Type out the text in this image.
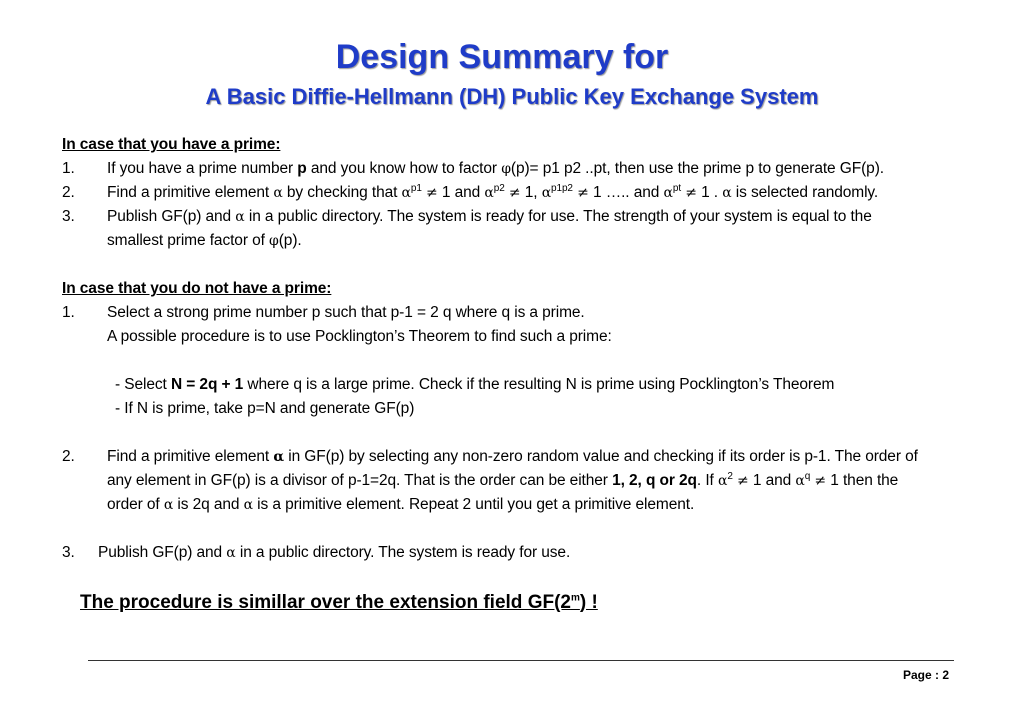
Design Summary for
A Basic Diffie-Hellmann (DH) Public Key Exchange System
In case that you have a prime:
1. If you have a prime number p and you know how to factor φ(p)= p1 p2 ..pt, then use the prime p to generate GF(p).
2. Find a primitive element α by checking that $\alpha^{p1} \ne 1$ and $\alpha^{p2} \ne 1$, $\alpha^{p1p2} \ne 1$ ….. and $\alpha^{pt} \ne 1$ . α is selected randomly.
3. Publish GF(p) and α in a public directory. The system is ready for use. The strength of your system is equal to the
smallest prime factor of φ(p).
In case that you do not have a prime:
1. Select a strong prime number p such that p-1 = 2 q where q is a prime.
A possible procedure is to use Pocklington’s Theorem to find such a prime:
- Select N = 2q + 1 where q is a large prime. Check if the resulting N is prime using Pocklington’s Theorem
- If N is prime, take p=N and generate GF(p)
2. Find a primitive element α in GF(p) by selecting any non-zero random value and checking if its order is p-1. The order of
any element in GF(p) is a divisor of p-1=2q. That is the order can be either 1, 2, q or 2q. If $\alpha^2 \ne 1$ and $\alpha^q \ne 1$ then the
order of α is 2q and α is a primitive element. Repeat 2 until you get a primitive element.
3. Publish GF(p) and α in a public directory. The system is ready for use.
The procedure is simillar over the extension field GF(2$^m$) !
Page : 2
